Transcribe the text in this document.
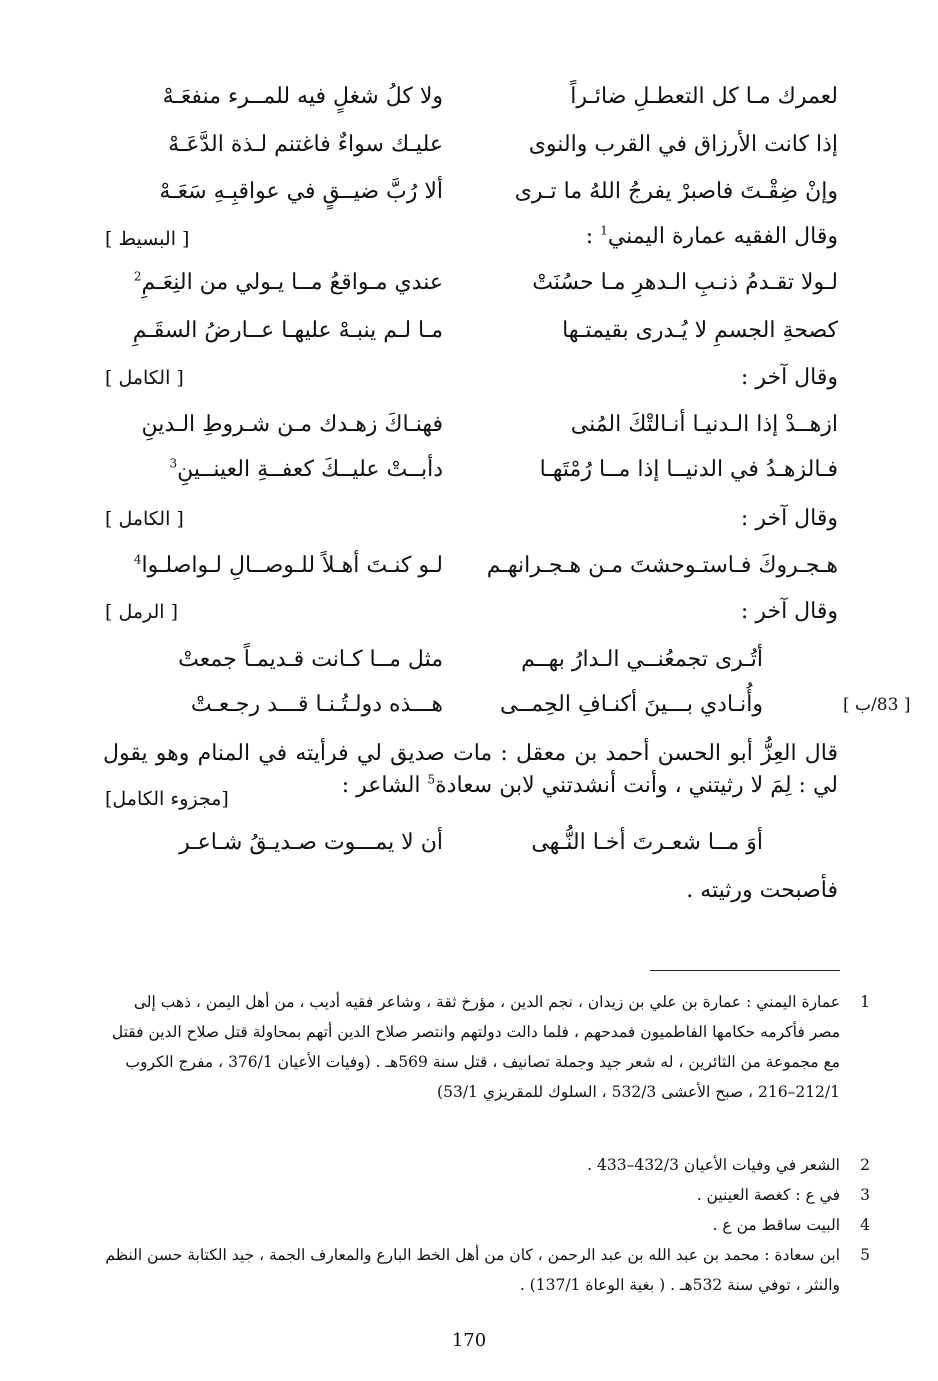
لعمرك مـا كل التعطـلِ ضائـراً
ولا كلُ شغلٍ فيه للمــرء منفعَـهْ
إذا كانت الأرزاق في القرب والنوى
عليـك سواءٌ فاغتنم لـذة الدَّعَـهْ
وإنْ ضِقْـتَ فاصبرْ يفرجُ اللهُ ما تـرى
ألا رُبَّ ضيــقٍ في عواقبِـهِ سَعَـهْ
وقال الفقيه عمارة اليمني$^1$ :
[ البسيط ]
لـولا تقـدمُ ذنـبِ الـدهرِ مـا حسُنَتْ
عندي مـواقعُ مــا يـولي من النِعَـمِ$^2$
كصحةِ الجسمِ لا يُـدرى بقيمتـها
مـا لـم ينبـهْ عليهـا عــارضُ السقَـمِ
وقال آخر :
[ الكامل ]
ازهــدْ إذا الـدنيـا أنـالتْكَ المُنى
فهنـاكَ زهـدك مـن شـروطِ الـدينِ
فـالزهـدُ في الدنيــا إذا مــا رُمْتَهـا
دأبــتْ عليــكَ كعفــةِ العينــينِ$^3$
وقال آخر :
[ الكامل ]
هـجـروكَ فـاستـوحشتَ مـن هـجـرانهـم
لـو كنـتَ أهـلاً للـوصــالِ لـواصلـوا$^4$
وقال آخر :
[ الرمل ]
أتُـرى تجمعُنــي الـدارُ بهــم
مثل مــا كـانت قـديمـاً جمعتْ
وأُنـادي بـــينَ أكنـافِ الحِمــى
هـــذه دولـتُـنـا قـــد رجـعـتْ	[ 83/ب ]
قال العِزُّ أبو الحسن أحمد بن معقل : مات صديق لي فرأيته في المنام وهو يقول لي : لِمَ لا رثيتني ، وأنت أنشدتني لابن سعادة$^5$ الشاعر :
[مجزوء الكامل]
أوَ مــا شعـرتَ أخـا النُّـهى
أن لا يمـــوت صـديـقُ شـاعـر
فأصبحت ورثيته .
1
عمارة اليمني : عمارة بن علي بن زيدان ، نجم الدين ، مؤرخ ثقة ، وشاعر فقيه أديب ، من أهل اليمن ، ذهب إلى مصر فأكرمه حكامها الفاطميون فمدحهم ، فلما دالت دولتهم وانتصر صلاح الدين أتهم بمحاولة قتل صلاح الدين فقتل مع مجموعة من الثائرين ، له شعر جيد وجملة تصانيف ، قتل سنة 569هـ . (وفيات الأعيان 376/1 ، مفرج الكروب 212/1–216 ، صبح الأعشى 532/3 ، السلوك للمقريزي 53/1)
2
الشعر في وفيات الأعيان 432/3–433 .
3
في ع : كغصة العينين .
4
البيت ساقط من ع .
5
ابن سعادة : محمد بن عبد الله بن عبد الرحمن ، كان من أهل الخط البارع والمعارف الجمة ، جيد الكتابة حسن النظم والنثر ، توفي سنة 532هـ . ( بغية الوعاة 137/1) .
170
